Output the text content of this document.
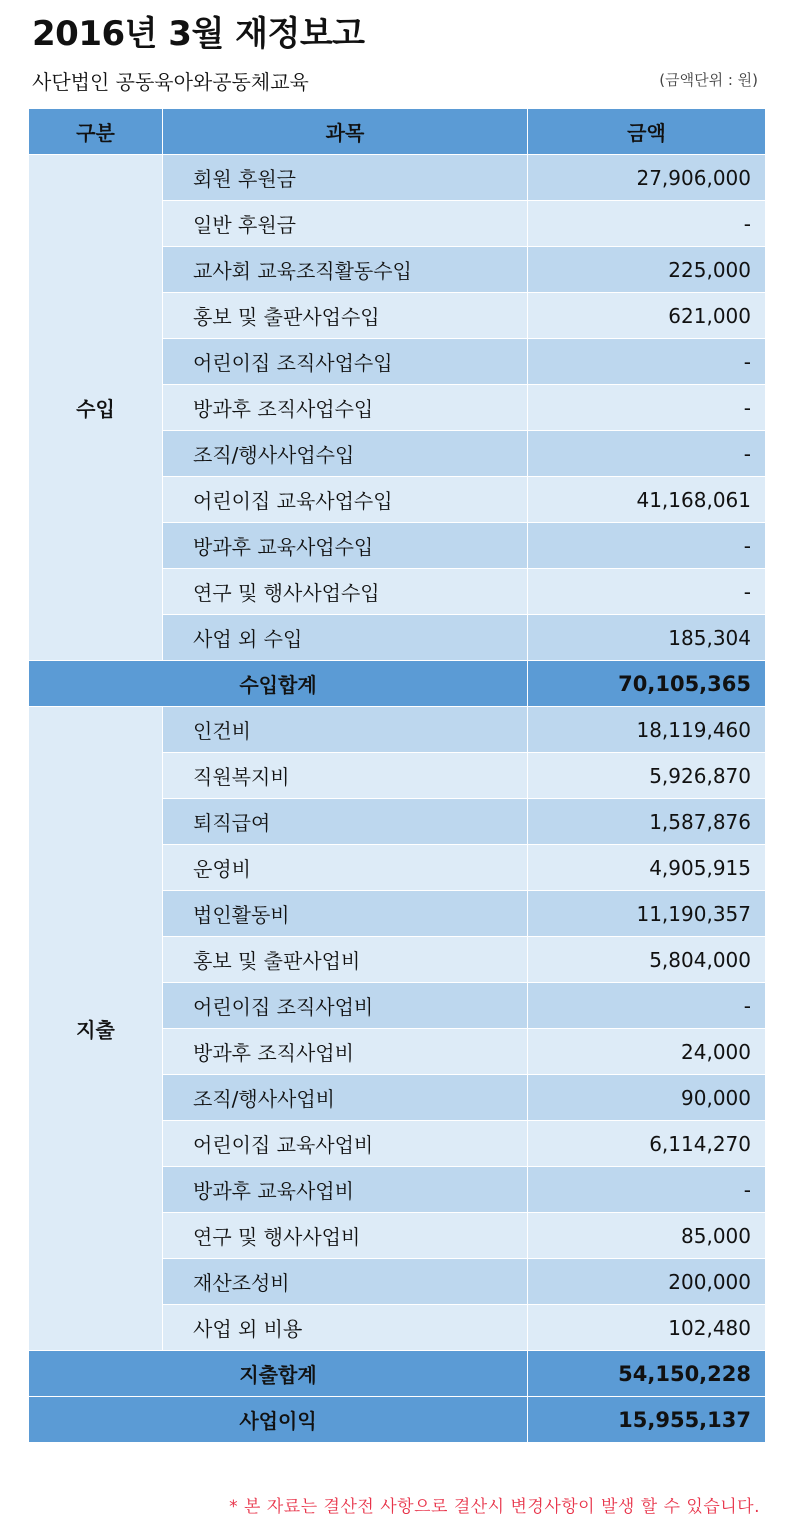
2016년 3월 재정보고
사단법인 공동육아와공동체교육	(금액단위 : 원)
구분	과목	금액
수입	회원 후원금	27,906,000
	일반 후원금	-
	교사회 교육조직활동수입	225,000
	홍보 및 출판사업수입	621,000
	어린이집 조직사업수입	-
	방과후 조직사업수입	-
	조직/행사사업수입	-
	어린이집 교육사업수입	41,168,061
	방과후 교육사업수입	-
	연구 및 행사사업수입	-
	사업 외 수입	185,304
수입합계		70,105,365
지출	인건비	18,119,460
	직원복지비	5,926,870
	퇴직급여	1,587,876
	운영비	4,905,915
	법인활동비	11,190,357
	홍보 및 출판사업비	5,804,000
	어린이집 조직사업비	-
	방과후 조직사업비	24,000
	조직/행사사업비	90,000
	어린이집 교육사업비	6,114,270
	방과후 교육사업비	-
	연구 및 행사사업비	85,000
	재산조성비	200,000
	사업 외 비용	102,480
지출합계		54,150,228
사업이익		15,955,137
* 본 자료는 결산전 사항으로 결산시 변경사항이 발생 할 수 있습니다.
